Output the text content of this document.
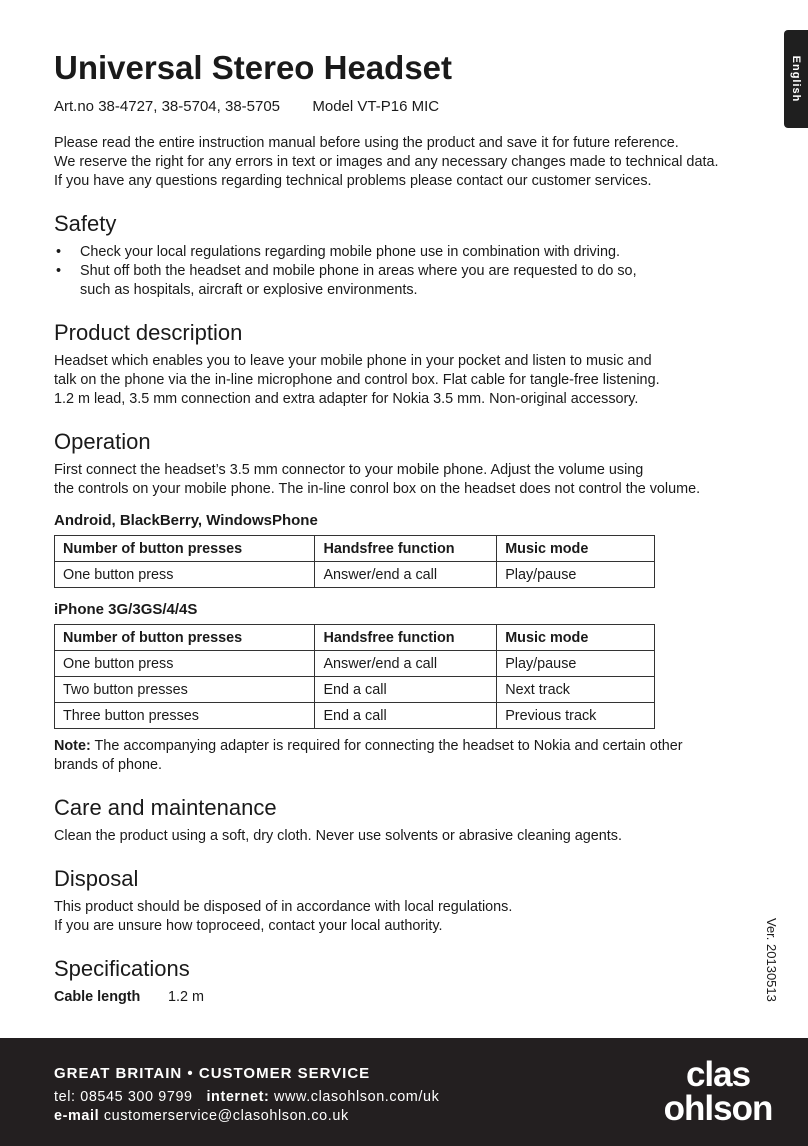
English
Universal Stereo Headset
Art.no 38-4727, 38-5704, 38-5705 Model VT-P16 MIC

Please read the entire instruction manual before using the product and save it for future reference.

We reserve the right for any errors in text or images and any necessary changes made to technical data.

If you have any questions regarding technical problems please contact our customer services.

Safety
• Check your local regulations regarding mobile phone use in combination with driving.
• Shut off both the headset and mobile phone in areas where you are requested to do so,
such as hospitals, aircraft or explosive environments.
Product description

Headset which enables you to leave your mobile phone in your pocket and listen to music and

talk on the phone via the in-line microphone and control box. Flat cable for tangle-free listening.

1.2 m lead, 3.5 mm connection and extra adapter for Nokia 3.5 mm. Non-original accessory.

Operation

First connect the headset’s 3.5 mm connector to your mobile phone. Adjust the volume using

the controls on your mobile phone. The in-line conrol box on the headset does not control the volume.

Android, BlackBerry, WindowsPhone
Number of button presses	Handsfree function	Music mode
One button press	Answer/end a call	Play/pause
iPhone 3G/3GS/4/4S
Number of button presses	Handsfree function	Music mode
One button press	Answer/end a call	Play/pause
Two button presses	End a call	Next track
Three button presses	End a call	Previous track

Note: The accompanying adapter is required for connecting the headset to Nokia and certain other

brands of phone.

Care and maintenance

Clean the product using a soft, dry cloth. Never use solvents or abrasive cleaning agents.

Disposal

This product should be disposed of in accordance with local regulations.

If you are unsure how toproceed, contact your local authority.

Specifications
Cable length 1.2 m	Ver. 20130513
GREAT BRITAIN • CUSTOMER SERVICE
tel: 08545 300 9799 internet: www.clasohlson.com/uk
e-mail customerservice@clasohlson.co.uk
clas
ohlson
